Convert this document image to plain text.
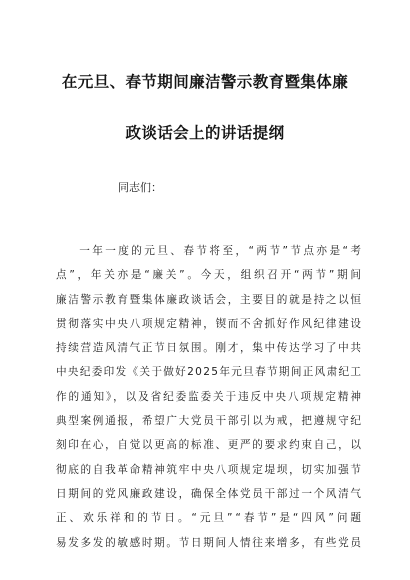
在元旦、春节期间廉洁警示教育暨集体廉
政谈话会上的讲话提纲
同志们：
一年一度的元旦、春节将至，“两节”节点亦是“考
点”，年关亦是“廉关”。今天，组织召开“两节”期间
廉洁警示教育暨集体廉政谈话会，主要目的就是持之以恒
贯彻落实中央八项规定精神，锲而不舍抓好作风纪律建设
持续营造风清气正节日氛围。刚才，集中传达学习了中共
中央纪委印发《关于做好2025年元旦春节期间正风肃纪工
作的通知》，以及省纪委监委关于违反中央八项规定精神
典型案例通报，希望广大党员干部引以为戒，把遵规守纪
刻印在心，自觉以更高的标准、更严的要求约束自己，以
彻底的自我革命精神筑牢中央八项规定堤坝，切实加强节
日期间的党风廉政建设，确保全体党员干部过一个风清气
正、欢乐祥和的节日。“元旦”“春节”是“四风”问题
易发多发的敏感时期。节日期间人情往来增多，有些党员
